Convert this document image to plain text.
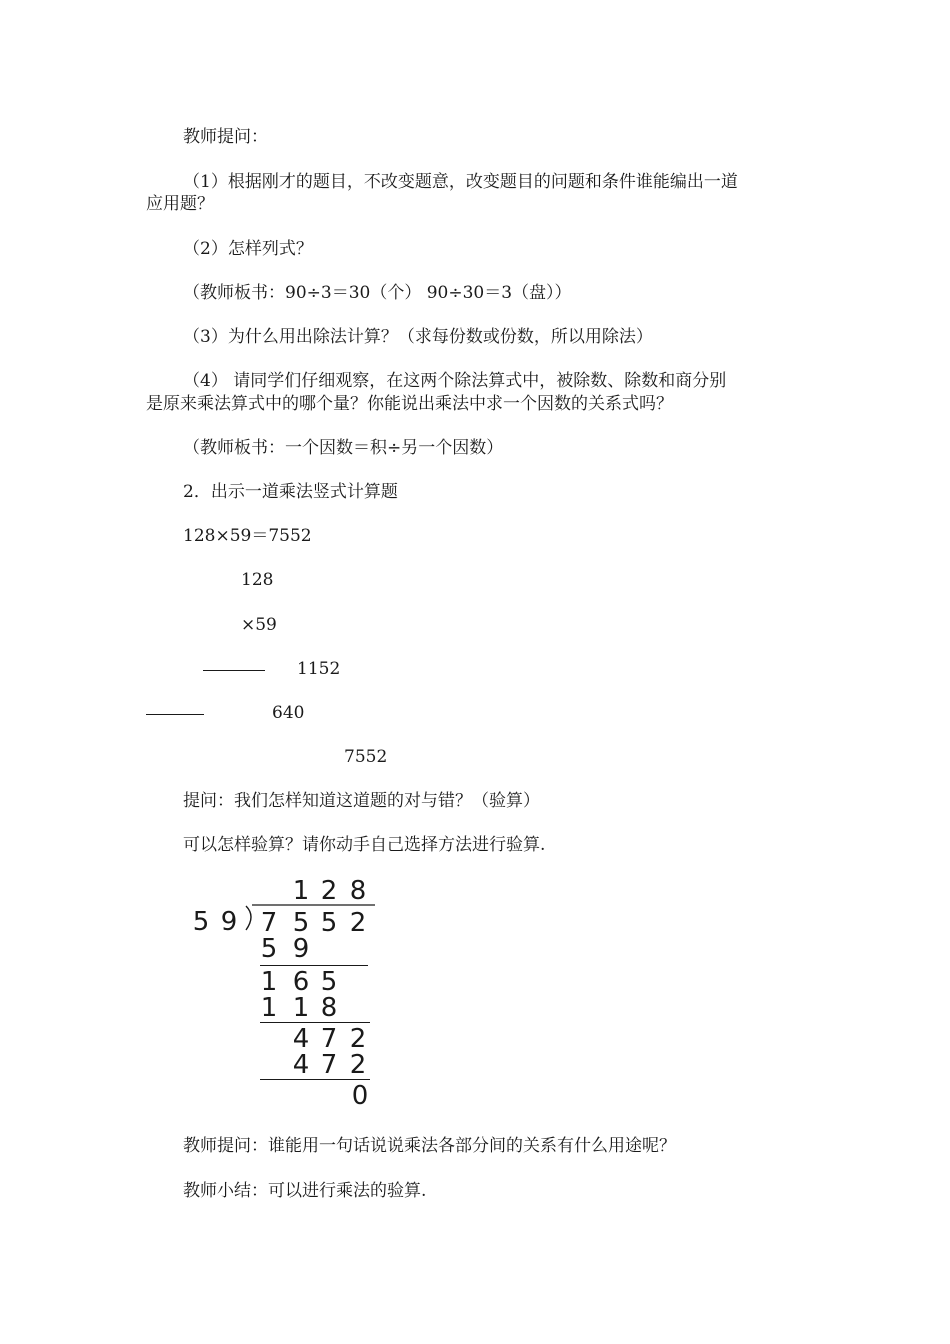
教师提问：
（1）根据刚才的题目，不改变题意，改变题目的问题和条件谁能编出一道
应用题？
（2）怎样列式？
（教师板书：90÷3＝30（个） 90÷30＝3（盘））
（3）为什么用出除法计算？（求每份数或份数，所以用除法）
（4） 请同学们仔细观察，在这两个除法算式中，被除数、除数和商分别
是原来乘法算式中的哪个量？你能说出乘法中求一个因数的关系式吗？
（教师板书：一个因数＝积÷另一个因数）
2．出示一道乘法竖式计算题
128×59＝7552
128
×59
1152
640
7552
提问：我们怎样知道这道题的对与错？（验算）
可以怎样验算？请你动手自己选择方法进行验算.
5 9
1 2 8
7 5 5 2
5 9
1 6 5
1 1 8
4 7 2
4 7 2
0
教师提问：谁能用一句话说说乘法各部分间的关系有什么用途呢？
教师小结：可以进行乘法的验算.
